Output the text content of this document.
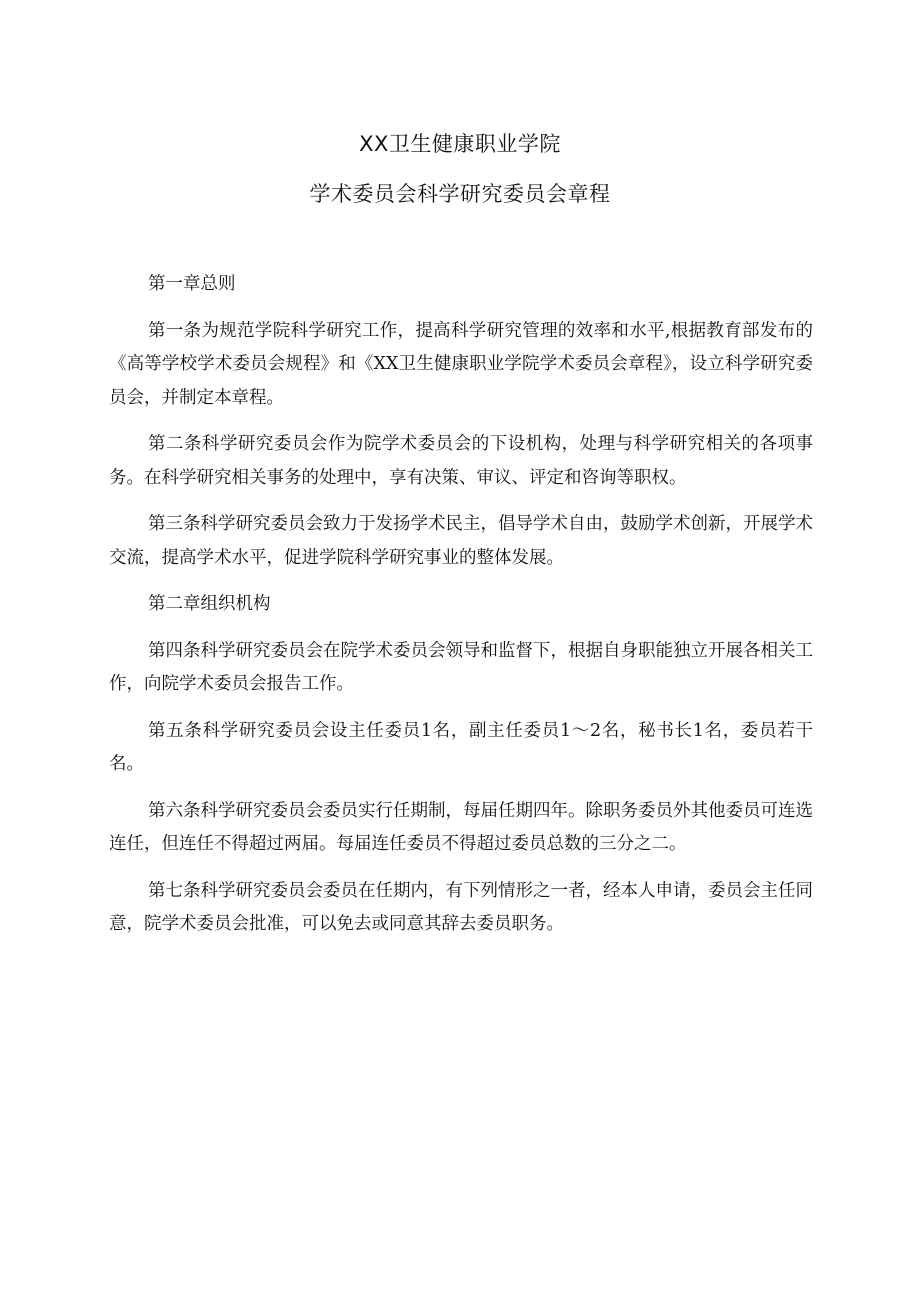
XX卫生健康职业学院
学术委员会科学研究委员会章程

第一章总则

第一条为规范学院科学研究工作，提高科学研究管理的效率和水平,根据教育部发布的《高等学校学术委员会规程》和《XX卫生健康职业学院学术委员会章程》，设立科学研究委员会，并制定本章程。

第二条科学研究委员会作为院学术委员会的下设机构，处理与科学研究相关的各项事务。在科学研究相关事务的处理中，享有决策、审议、评定和咨询等职权。

第三条科学研究委员会致力于发扬学术民主，倡导学术自由，鼓励学术创新，开展学术交流，提高学术水平，促进学院科学研究事业的整体发展。

第二章组织机构

第四条科学研究委员会在院学术委员会领导和监督下，根据自身职能独立开展各相关工作，向院学术委员会报告工作。

第五条科学研究委员会设主任委员1名，副主任委员1〜2名，秘书长1名，委员若干名。

第六条科学研究委员会委员实行任期制，每届任期四年。除职务委员外其他委员可连选连任，但连任不得超过两届。每届连任委员不得超过委员总数的三分之二。

第七条科学研究委员会委员在任期内，有下列情形之一者，经本人申请，委员会主任同意，院学术委员会批准，可以免去或同意其辞去委员职务。
